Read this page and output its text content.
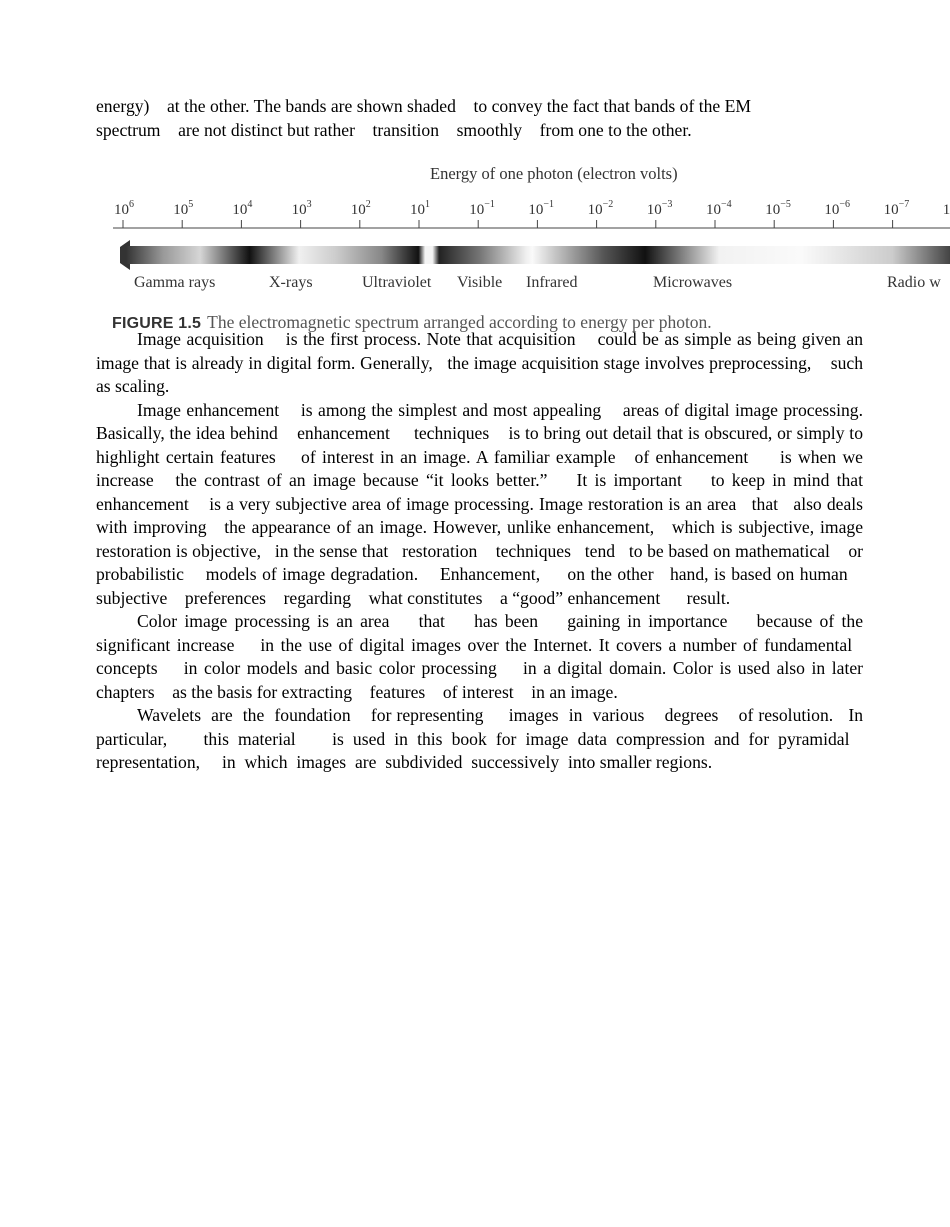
energy)    at the other. The bands are shown shaded    to convey the fact that bands of the EM

spectrum    are not distinct but rather    transition    smoothly    from one to the other.

Energy of one photon (electron volts)
$10^6$	$10^5$	$10^4$	$10^3$	$10^2$	$10^1$	$10^{-1}$ $10^{-1}$ $10^{-2}$ $10^{-3}$ $10^{-4}$ $10^{-5}$ $10^{-6}$ $10^{-7}$ 1
Gamma rays	X-rays	Ultraviolet Visible Infrared	Microwaves	Radio w
FIGURE 1.5 The electromagnetic spectrum arranged according to energy per photon.

Image acquisition    is the first process. Note that acquisition    could be as simple as being given an image that is already in digital form. Generally,   the image acquisition stage involves preprocessing,    such as scaling.

Image enhancement    is among the simplest and most appealing    areas of digital image processing. Basically, the idea behind    enhancement     techniques    is to bring out detail that is obscured, or simply to highlight certain features    of interest in an image. A familiar example   of enhancement     is when we increase   the contrast of an image because “it looks better.”    It is important    to keep in mind that enhancement    is a very subjective area of image processing. Image restoration is an area   that   also deals with improving   the appearance of an image. However, unlike enhancement,   which is subjective, image restoration is objective,   in the sense that   restoration    techniques   tend   to be based on mathematical    or probabilistic    models of image degradation.    Enhancement,     on the other   hand, is based on human    subjective    preferences    regarding    what constitutes    a “good” enhancement      result.

Color image processing is an area    that    has been    gaining in importance    because of the significant increase    in the use of digital images over the Internet. It covers a number of fundamental   concepts    in color models and basic color processing    in a digital domain. Color is used also in later chapters    as the basis for extracting    features    of interest    in an image.

Wavelets  are  the  foundation    for representing     images  in  various    degrees    of resolution.   In particular,    this material    is used in this book for image data compression and for pyramidal   representation,     in  which  images  are  subdivided  successively  into smaller regions.
